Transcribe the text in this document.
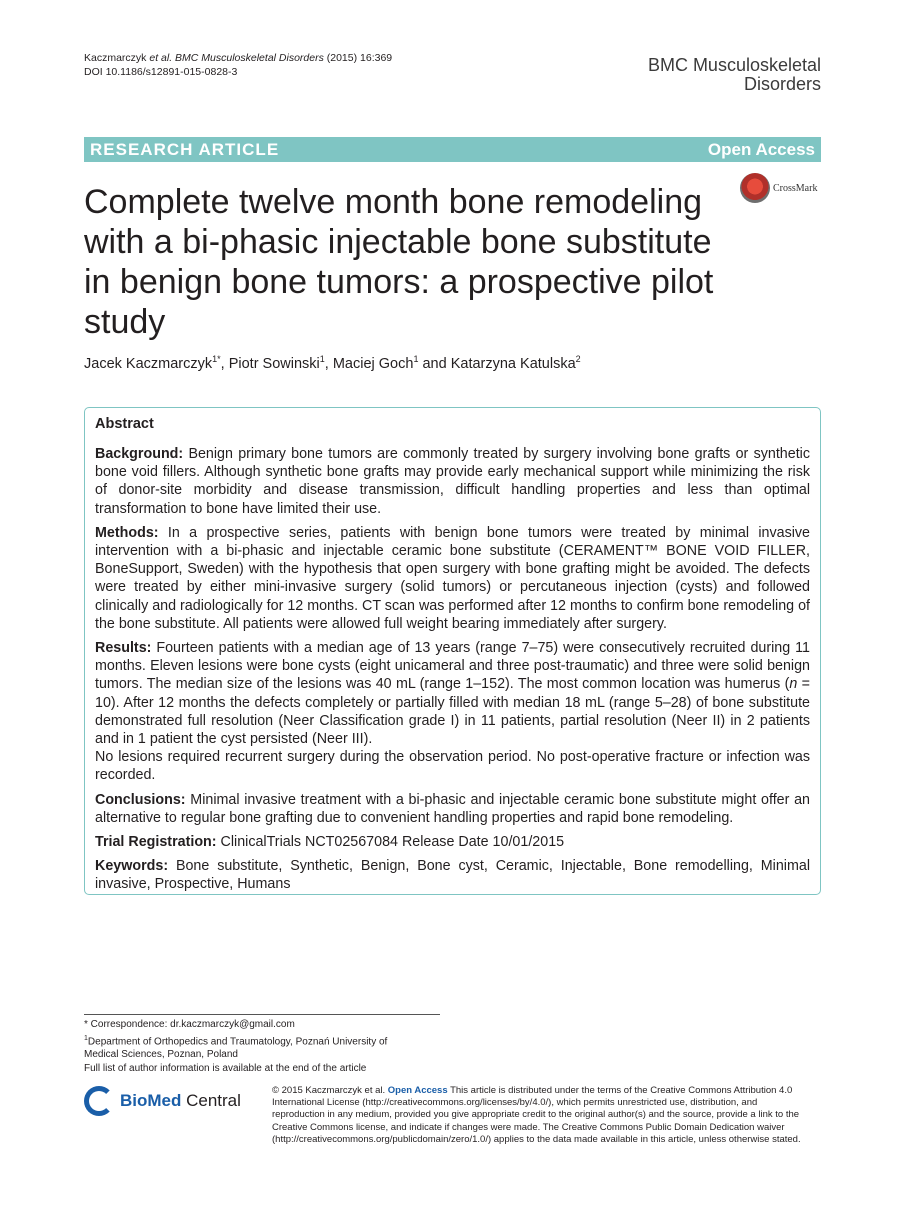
Kaczmarczyk et al. BMC Musculoskeletal Disorders (2015) 16:369
DOI 10.1186/s12891-015-0828-3	BMC Musculoskeletal
Disorders
RESEARCH ARTICLE	Open Access
Complete twelve month bone remodeling with a bi-phasic injectable bone substitute in benign bone tumors: a prospective pilot study
CrossMark
Jacek Kaczmarczyk$^{1*}$, Piotr Sowinski$^1$, Maciej Goch$^1$ and Katarzyna Katulska$^2$
Abstract

Background: Benign primary bone tumors are commonly treated by surgery involving bone grafts or synthetic bone void fillers. Although synthetic bone grafts may provide early mechanical support while minimizing the risk of donor-site morbidity and disease transmission, difficult handling properties and less than optimal transformation to bone have limited their use.

Methods: In a prospective series, patients with benign bone tumors were treated by minimal invasive intervention with a bi-phasic and injectable ceramic bone substitute (CERAMENT™ BONE VOID FILLER, BoneSupport, Sweden) with the hypothesis that open surgery with bone grafting might be avoided. The defects were treated by either mini-invasive surgery (solid tumors) or percutaneous injection (cysts) and followed clinically and radiologically for 12 months. CT scan was performed after 12 months to confirm bone remodeling of the bone substitute. All patients were allowed full weight bearing immediately after surgery.

Results: Fourteen patients with a median age of 13 years (range 7–75) were consecutively recruited during 11 months. Eleven lesions were bone cysts (eight unicameral and three post-traumatic) and three were solid benign tumors. The median size of the lesions was 40 mL (range 1–152). The most common location was humerus (n = 10). After 12 months the defects completely or partially filled with median 18 mL (range 5–28) of bone substitute demonstrated full resolution (Neer Classification grade I) in 11 patients, partial resolution (Neer II) in 2 patients and in 1 patient the cyst persisted (Neer III).

No lesions required recurrent surgery during the observation period. No post-operative fracture or infection was recorded.

Conclusions: Minimal invasive treatment with a bi-phasic and injectable ceramic bone substitute might offer an alternative to regular bone grafting due to convenient handling properties and rapid bone remodeling.

Trial Registration: ClinicalTrials NCT02567084 Release Date 10/01/2015

Keywords: Bone substitute, Synthetic, Benign, Bone cyst, Ceramic, Injectable, Bone remodelling, Minimal invasive, Prospective, Humans

* Correspondence: dr.kaczmarczyk@gmail.com
$^1$Department of Orthopedics and Traumatology, Poznań University of
Medical Sciences, Poznan, Poland
Full list of author information is available at the end of the article
BioMed Central
© 2015 Kaczmarczyk et al. Open Access This article is distributed under the terms of the Creative Commons Attribution 4.0 International License (http://creativecommons.org/licenses/by/4.0/), which permits unrestricted use, distribution, and reproduction in any medium, provided you give appropriate credit to the original author(s) and the source, provide a link to the Creative Commons license, and indicate if changes were made. The Creative Commons Public Domain Dedication waiver (http://creativecommons.org/publicdomain/zero/1.0/) applies to the data made available in this article, unless otherwise stated.
